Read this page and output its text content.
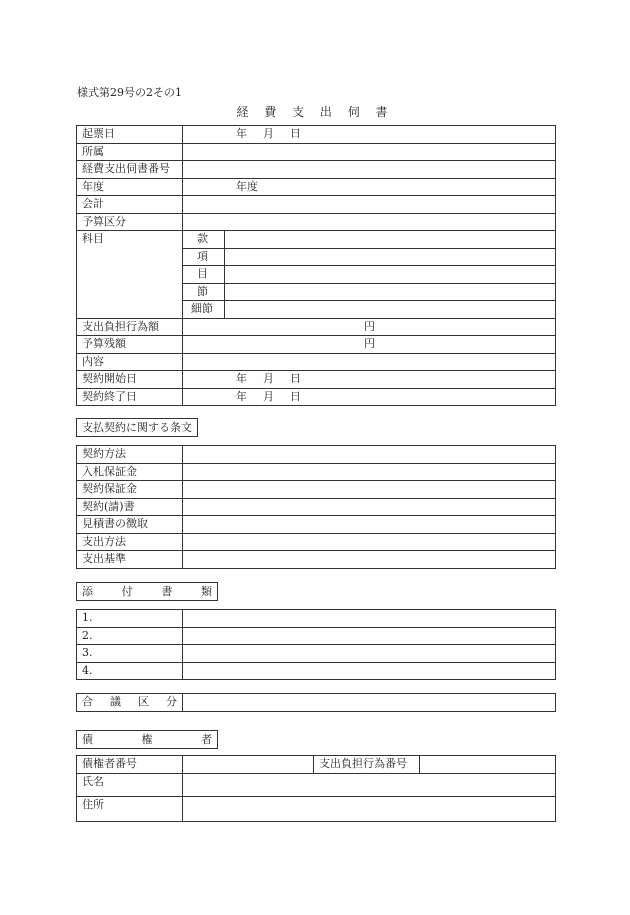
様式第29号の2その1
経 費 支 出 伺 書
起票日	年 月 日	
所属		
経費支出伺書番号		
年度	年度	
会計		
予算区分		
科目	款	
	項	
	目	
	節	
	細節	
支出負担行為額	円	
予算残額	円	
内容		
契約開始日	年 月 日	
契約終了日	年 月 日	
支払契約に関する条文
契約方法	
入札保証金	
契約保証金	
契約(請)書	
見積書の徴取	
支出方法	
支出基準	
添	付	書	類
1.	
2.	
3.	
4.	
合 議 区 分

債	権	者
債権者番号		支出負担行為番号	
氏名			
住所			
